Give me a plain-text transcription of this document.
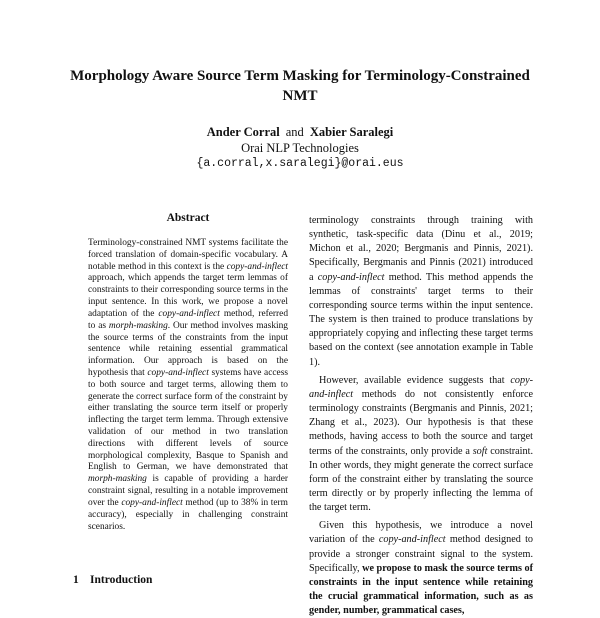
Morphology Aware Source Term Masking for Terminology-Constrained NMT
Ander Corral and Xabier Saralegi
Orai NLP Technologies
{a.corral,x.saralegi}@orai.eus
Abstract

Terminology-constrained NMT systems facilitate the forced translation of domain-specific vocabulary. A notable method in this context is the copy-and-inflect approach, which appends the target term lemmas of constraints to their corresponding source terms in the input sentence. In this work, we propose a novel adaptation of the copy-and-inflect method, referred to as morph-masking. Our method involves masking the source terms of the constraints from the input sentence while retaining essential grammatical information. Our approach is based on the hypothesis that copy-and-inflect systems have access to both source and target terms, allowing them to generate the correct surface form of the constraint by either translating the source term itself or properly inflecting the target term lemma. Through extensive validation of our method in two translation directions with different levels of source morphological complexity, Basque to Spanish and English to German, we have demonstrated that morph-masking is capable of providing a harder constraint signal, resulting in a notable improvement over the copy-and-inflect method (up to 38% in term accuracy), especially in challenging constraint scenarios.

1 Introduction

terminology constraints through training with synthetic, task-specific data (Dinu et al., 2019; Michon et al., 2020; Bergmanis and Pinnis, 2021). Specifically, Bergmanis and Pinnis (2021) introduced a copy-and-inflect method. This method appends the lemmas of constraints' target terms to their corresponding source terms within the input sentence. The system is then trained to produce translations by appropriately copying and inflecting these target terms based on the context (see annotation example in Table 1).

However, available evidence suggests that copy-and-inflect methods do not consistently enforce terminology constraints (Bergmanis and Pinnis, 2021; Zhang et al., 2023). Our hypothesis is that these methods, having access to both the source and target terms of the constraints, only provide a soft constraint. In other words, they might generate the correct surface form of the constraint either by translating the source term directly or by properly inflecting the lemma of the target term.

Given this hypothesis, we introduce a novel variation of the copy-and-inflect method designed to provide a stronger constraint signal to the system. Specifically, we propose to mask the source terms of constraints in the input sentence while retaining the crucial grammatical information, such as as gender, number, grammatical cases,
